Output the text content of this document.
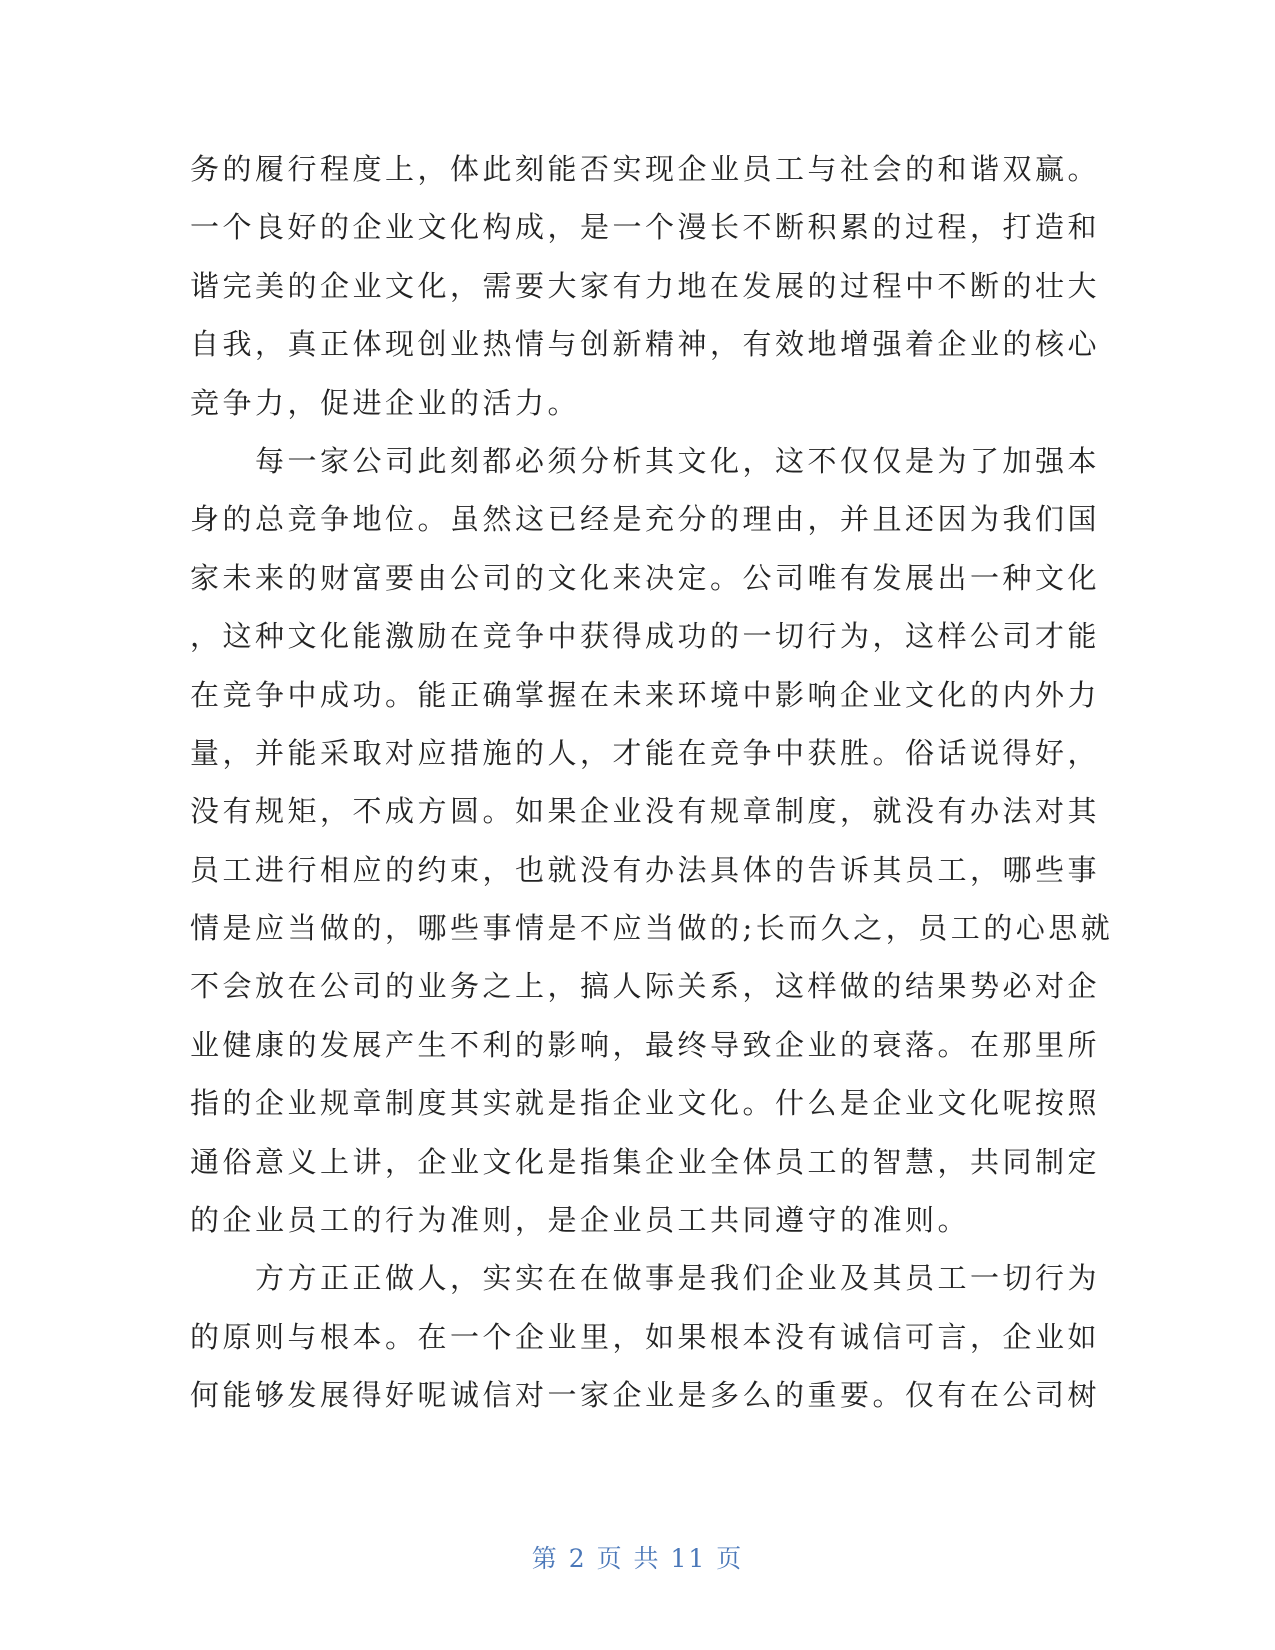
务的履行程度上，体此刻能否实现企业员工与社会的和谐双赢。
一个良好的企业文化构成，是一个漫长不断积累的过程，打造和
谐完美的企业文化，需要大家有力地在发展的过程中不断的壮大
自我，真正体现创业热情与创新精神，有效地增强着企业的核心
竞争力，促进企业的活力。
　　每一家公司此刻都必须分析其文化，这不仅仅是为了加强本
身的总竞争地位。虽然这已经是充分的理由，并且还因为我们国
家未来的财富要由公司的文化来决定。公司唯有发展出一种文化
，这种文化能激励在竞争中获得成功的一切行为，这样公司才能
在竞争中成功。能正确掌握在未来环境中影响企业文化的内外力
量，并能采取对应措施的人，才能在竞争中获胜。俗话说得好，
没有规矩，不成方圆。如果企业没有规章制度，就没有办法对其
员工进行相应的约束，也就没有办法具体的告诉其员工，哪些事
情是应当做的，哪些事情是不应当做的;长而久之，员工的心思就
不会放在公司的业务之上，搞人际关系，这样做的结果势必对企
业健康的发展产生不利的影响，最终导致企业的衰落。在那里所
指的企业规章制度其实就是指企业文化。什么是企业文化呢按照
通俗意义上讲，企业文化是指集企业全体员工的智慧，共同制定
的企业员工的行为准则，是企业员工共同遵守的准则。
　　方方正正做人，实实在在做事是我们企业及其员工一切行为
的原则与根本。在一个企业里，如果根本没有诚信可言，企业如
何能够发展得好呢诚信对一家企业是多么的重要。仅有在公司树
第 2 页 共 11 页
